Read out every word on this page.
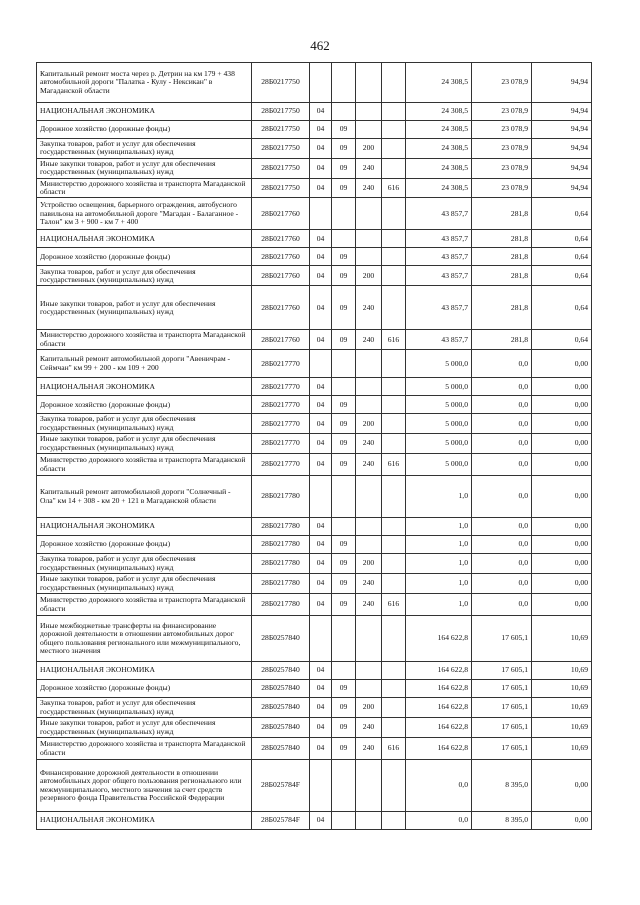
462
Капитальный ремонт моста через р. Детрин на км 179 + 438 автомобильной дороги "Палатка - Кулу - Нексикан" в Магаданской области	28Б0217750					24 308,5	23 078,9	94,94
НАЦИОНАЛЬНАЯ ЭКОНОМИКА	28Б0217750	04				24 308,5	23 078,9	94,94
Дорожное хозяйство (дорожные фонды)	28Б0217750	04	09			24 308,5	23 078,9	94,94
Закупка товаров, работ и услуг для обеспечения государственных (муниципальных) нужд	28Б0217750	04	09	200		24 308,5	23 078,9	94,94
Иные закупки товаров, работ и услуг для обеспечения государственных (муниципальных) нужд	28Б0217750	04	09	240		24 308,5	23 078,9	94,94
Министерство дорожного хозяйства и транспорта Магаданской области	28Б0217750	04	09	240	616	24 308,5	23 078,9	94,94
Устройство освещения, барьерного ограждения, автобусного павильона на автомобильной дороге "Магадан - Балаганное - Талон" км 3 + 900 - км 7 + 400	28Б0217760					43 857,7	281,8	0,64
НАЦИОНАЛЬНАЯ ЭКОНОМИКА	28Б0217760	04				43 857,7	281,8	0,64
Дорожное хозяйство (дорожные фонды)	28Б0217760	04	09			43 857,7	281,8	0,64
Закупка товаров, работ и услуг для обеспечения государственных (муниципальных) нужд	28Б0217760	04	09	200		43 857,7	281,8	0,64
Иные закупки товаров, работ и услуг для обеспечения государственных (муниципальных) нужд	28Б0217760	04	09	240		43 857,7	281,8	0,64
Министерство дорожного хозяйства и транспорта Магаданской области	28Б0217760	04	09	240	616	43 857,7	281,8	0,64
Капитальный ремонт автомобильной дороги "Авеничрам - Сеймчан" км 99 + 200 - км 109 + 200	28Б0217770					5 000,0	0,0	0,00
НАЦИОНАЛЬНАЯ ЭКОНОМИКА	28Б0217770	04				5 000,0	0,0	0,00
Дорожное хозяйство (дорожные фонды)	28Б0217770	04	09			5 000,0	0,0	0,00
Закупка товаров, работ и услуг для обеспечения государственных (муниципальных) нужд	28Б0217770	04	09	200		5 000,0	0,0	0,00
Иные закупки товаров, работ и услуг для обеспечения государственных (муниципальных) нужд	28Б0217770	04	09	240		5 000,0	0,0	0,00
Министерство дорожного хозяйства и транспорта Магаданской области	28Б0217770	04	09	240	616	5 000,0	0,0	0,00
Капитальный ремонт автомобильной дороги "Солнечный - Ола" км 14 + 308 - км 20 + 121 в Магаданской области	28Б0217780					1,0	0,0	0,00
НАЦИОНАЛЬНАЯ ЭКОНОМИКА	28Б0217780	04				1,0	0,0	0,00
Дорожное хозяйство (дорожные фонды)	28Б0217780	04	09			1,0	0,0	0,00
Закупка товаров, работ и услуг для обеспечения государственных (муниципальных) нужд	28Б0217780	04	09	200		1,0	0,0	0,00
Иные закупки товаров, работ и услуг для обеспечения государственных (муниципальных) нужд	28Б0217780	04	09	240		1,0	0,0	0,00
Министерство дорожного хозяйства и транспорта Магаданской области	28Б0217780	04	09	240	616	1,0	0,0	0,00
Иные межбюджетные трансферты на финансирование дорожной деятельности в отношении автомобильных дорог общего пользования регионального или межмуниципального, местного значения	28Б0257840					164 622,8	17 605,1	10,69
НАЦИОНАЛЬНАЯ ЭКОНОМИКА	28Б0257840	04				164 622,8	17 605,1	10,69
Дорожное хозяйство (дорожные фонды)	28Б0257840	04	09			164 622,8	17 605,1	10,69
Закупка товаров, работ и услуг для обеспечения государственных (муниципальных) нужд	28Б0257840	04	09	200		164 622,8	17 605,1	10,69
Иные закупки товаров, работ и услуг для обеспечения государственных (муниципальных) нужд	28Б0257840	04	09	240		164 622,8	17 605,1	10,69
Министерство дорожного хозяйства и транспорта Магаданской области	28Б0257840	04	09	240	616	164 622,8	17 605,1	10,69
Финансирование дорожной деятельности в отношении автомобильных дорог общего пользования регионального или межмуниципального, местного значения за счет средств резервного фонда Правительства Российской Федерации	28Б025784F					0,0	8 395,0	0,00
НАЦИОНАЛЬНАЯ ЭКОНОМИКА	28Б025784F	04				0,0	8 395,0	0,00
